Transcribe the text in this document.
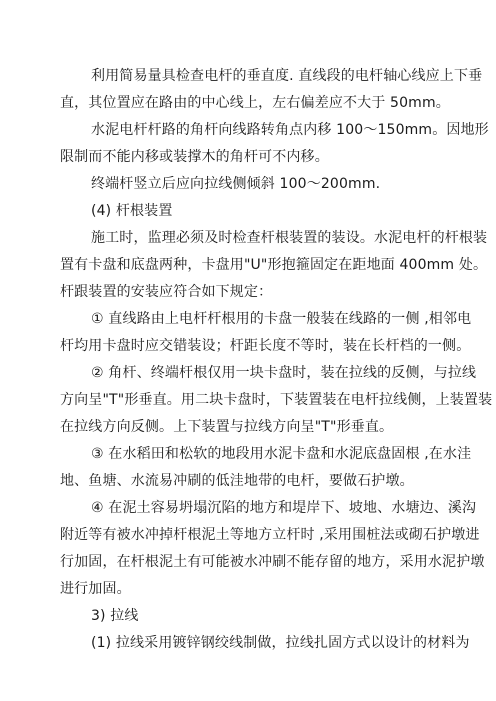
利用简易量具检查电杆的垂直度. 直线段的电杆轴心线应上下垂
直，其位置应在路由的中心线上，左右偏差应不大于 50mm。
水泥电杆杆路的角杆向线路转角点内移 100～150mm。因地形
限制而不能内移或装撑木的角杆可不内移。
终端杆竖立后应向拉线侧倾斜 100～200mm.
(4) 杆根装置
施工时，监理必须及时检查杆根装置的装设。水泥电杆的杆根装
置有卡盘和底盘两种，卡盘用"U"形抱箍固定在距地面 400mm 处。
杆跟装置的安装应符合如下规定：
① 直线路由上电杆杆根用的卡盘一般装在线路的一侧 ,相邻电
杆均用卡盘时应交错装设；杆距长度不等时，装在长杆档的一侧。
② 角杆、终端杆根仅用一块卡盘时，装在拉线的反侧，与拉线
方向呈"T"形垂直。用二块卡盘时，下装置装在电杆拉线侧，上装置装
在拉线方向反侧。上下装置与拉线方向呈"T"形垂直。
③ 在水稻田和松软的地段用水泥卡盘和水泥底盘固根 ,在水洼
地、鱼塘、水流易冲刷的低洼地带的电杆，要做石护墩。
④ 在泥土容易坍塌沉陷的地方和堤岸下、坡地、水塘边、溪沟
附近等有被水冲掉杆根泥土等地方立杆时 ,采用围桩法或砌石护墩进
行加固，在杆根泥土有可能被水冲刷不能存留的地方，采用水泥护墩
进行加固。
3) 拉线
(1) 拉线采用镀锌钢绞线制做，拉线扎固方式以设计的材料为
